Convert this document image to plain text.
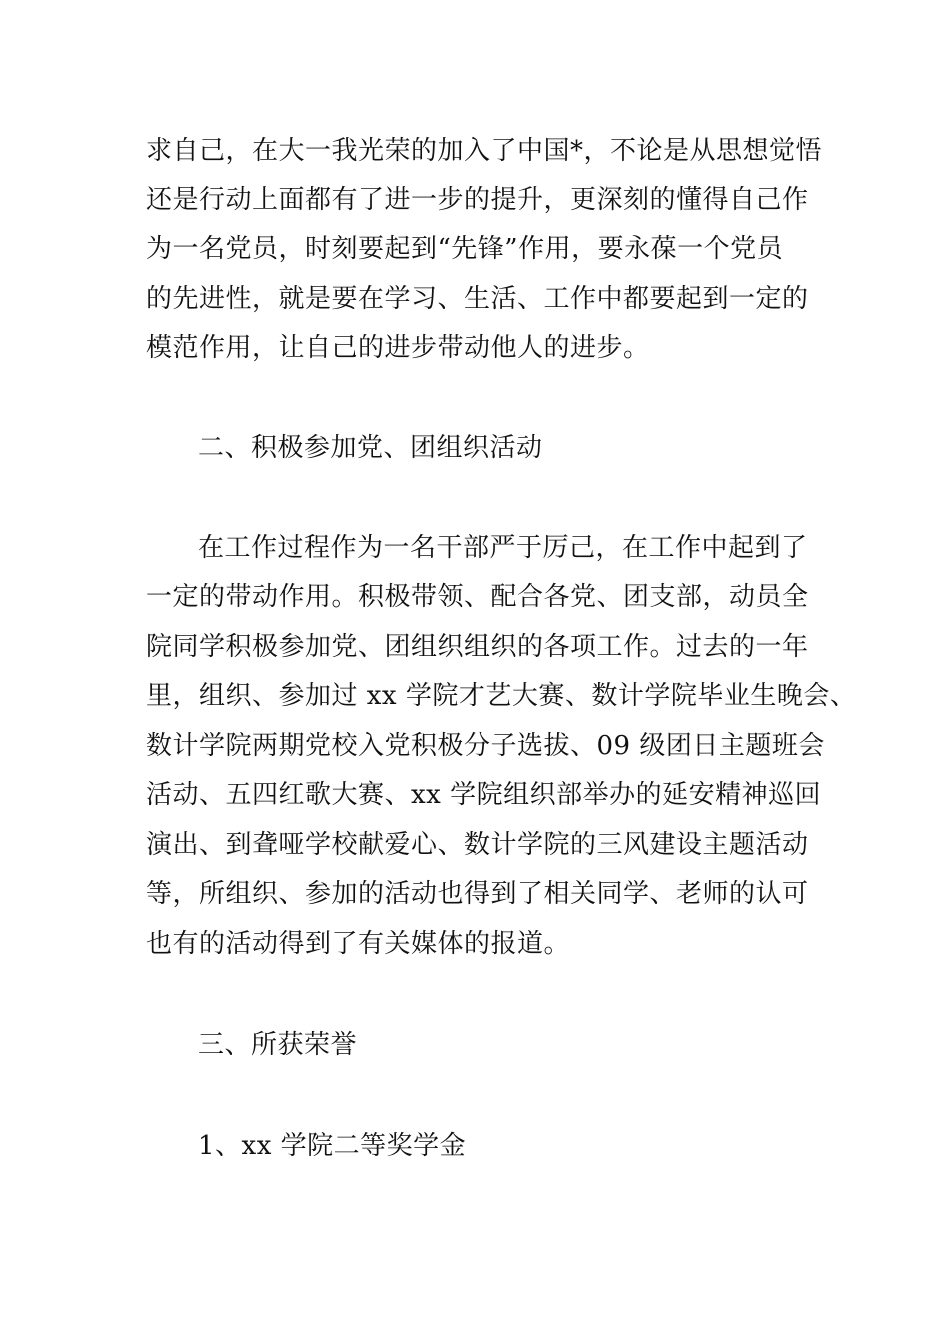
求自己，在大一我光荣的加入了中国*，不论是从思想觉悟
还是行动上面都有了进一步的提升，更深刻的懂得自己作
为一名党员，时刻要起到“先锋”作用，要永葆一个党员
的先进性，就是要在学习、生活、工作中都要起到一定的
模范作用，让自己的进步带动他人的进步。
二、积极参加党、团组织活动
在工作过程作为一名干部严于厉己，在工作中起到了
一定的带动作用。积极带领、配合各党、团支部，动员全
院同学积极参加党、团组织组织的各项工作。过去的一年
里，组织、参加过 xx 学院才艺大赛、数计学院毕业生晚会、
数计学院两期党校入党积极分子选拔、09 级团日主题班会
活动、五四红歌大赛、xx 学院组织部举办的延安精神巡回
演出、到聋哑学校献爱心、数计学院的三风建设主题活动
等，所组织、参加的活动也得到了相关同学、老师的认可
也有的活动得到了有关媒体的报道。
三、所获荣誉
1、xx 学院二等奖学金
